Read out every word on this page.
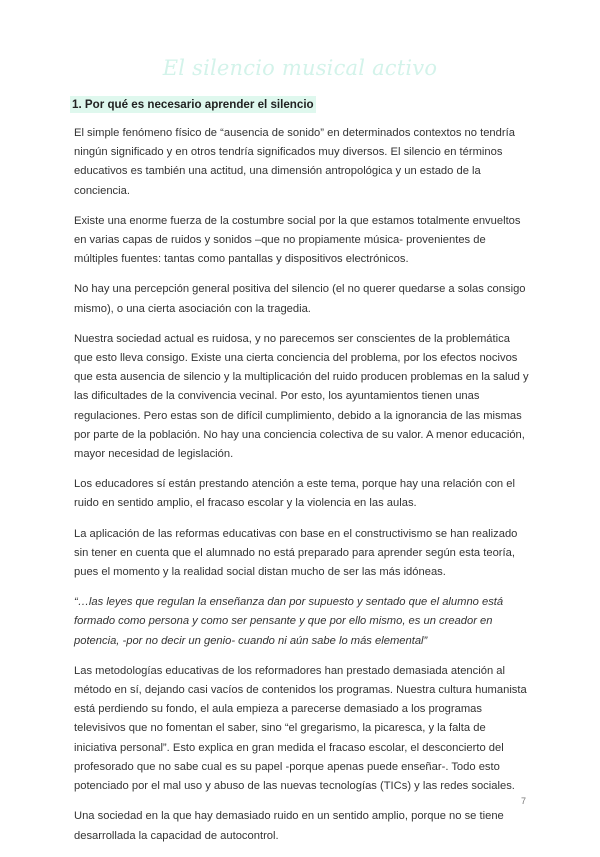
El silencio musical activo
1. Por qué es necesario aprender el silencio

El simple fenómeno físico de “ausencia de sonido” en determinados contextos no tendría ningún significado y en otros tendría significados muy diversos. El silencio en términos educativos es también una actitud, una dimensión antropológica y un estado de la conciencia.

Existe una enorme fuerza de la costumbre social por la que estamos totalmente envueltos en varias capas de ruidos y sonidos –que no propiamente música- provenientes de múltiples fuentes: tantas como pantallas y dispositivos electrónicos.

No hay una percepción general positiva del silencio (el no querer quedarse a solas consigo mismo), o una cierta asociación con la tragedia.

Nuestra sociedad actual es ruidosa, y no parecemos ser conscientes de la problemática que esto lleva consigo. Existe una cierta conciencia del problema, por los efectos nocivos que esta ausencia de silencio y la multiplicación del ruido producen problemas en la salud y las dificultades de la convivencia vecinal. Por esto, los ayuntamientos tienen unas regulaciones. Pero estas son de difícil cumplimiento, debido a la ignorancia de las mismas por parte de la población. No hay una conciencia colectiva de su valor. A menor educación, mayor necesidad de legislación.

Los educadores sí están prestando atención a este tema, porque hay una relación con el ruido en sentido amplio, el fracaso escolar y la violencia en las aulas.

La aplicación de las reformas educativas con base en el constructivismo se han realizado sin tener en cuenta que el alumnado no está preparado para aprender según esta teoría, pues el momento y la realidad social distan mucho de ser las más idóneas.

“…las leyes que regulan la enseñanza dan por supuesto y sentado que el alumno está formado como persona y como ser pensante y que por ello mismo, es un creador en potencia, -por no decir un genio- cuando ni aún sabe lo más elemental”

Las metodologías educativas de los reformadores han prestado demasiada atención al método en sí, dejando casi vacíos de contenidos los programas. Nuestra cultura humanista está perdiendo su fondo, el aula empieza a parecerse demasiado a los programas televisivos que no fomentan el saber, sino “el gregarismo, la picaresca, y la falta de iniciativa personal”. Esto explica en gran medida el fracaso escolar, el desconcierto del profesorado que no sabe cual es su papel -porque apenas puede enseñar-. Todo esto potenciado por el mal uso y abuso de las nuevas tecnologías (TICs) y las redes sociales.

Una sociedad en la que hay demasiado ruido en un sentido amplio, porque no se tiene desarrollada la capacidad de autocontrol.

7
